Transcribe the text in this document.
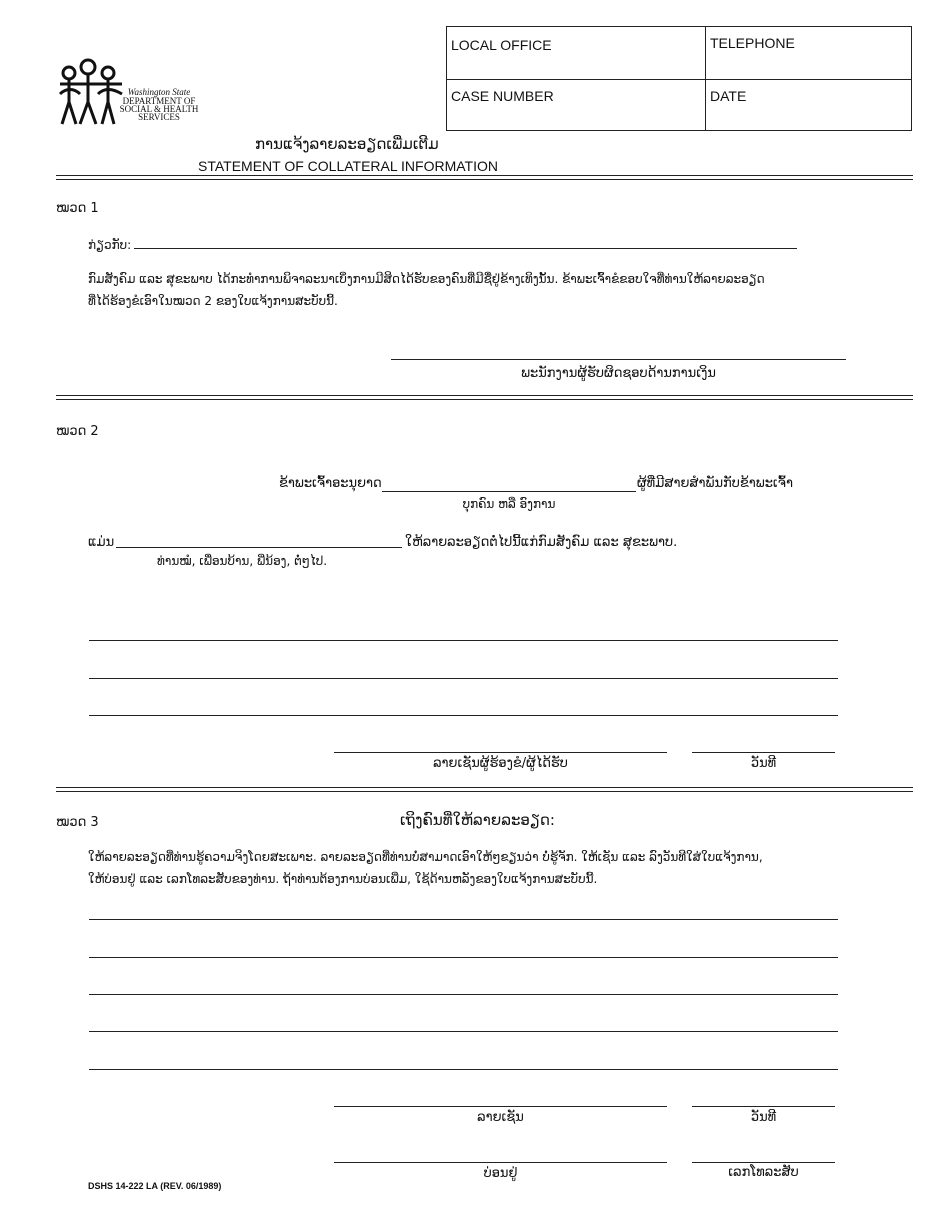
Washington State
DEPARTMENT OF
SOCIAL & HEALTH
SERVICES
LOCAL OFFICE	TELEPHONE
CASE NUMBER	DATE
ການແຈ້ງລາຍລະອຽດເພີ່ມເຕີມ
STATEMENT OF COLLATERAL INFORMATION
ໝວດ 1
ກ່ຽວກັບ:
ກົມສັງຄົມ ແລະ ສຸຂະພາບ ໄດ້ກະທຳການພິຈາລະນາເບິ່ງການມີສິດໄດ້ຮັບຂອງຄົນທີ່ມີຊື່ຢູ່ຂ້າງເທິງນັ້ນ. ຂ້າພະເຈົ້າຂໍຂອບໃຈທີ່ທ່ານໃຫ້ລາຍລະອຽດ
ທີ່ໄດ້ຮ້ອງຂໍເອົາໃນໝວດ 2 ຂອງໃບແຈ້ງການສະບັບນີ້.
ພະນັກງານຜູ້ຮັບຜິດຊອບດ້ານການເງິນ
ໝວດ 2
ຂ້າພະເຈົ້າອະນຸຍາດ	ຜູ້ທີ່ມີສາຍສຳພັນກັບຂ້າພະເຈົ້າ
ບຸກຄົນ ຫລື ອົງການ
ແມ່ນ	ໃຫ້ລາຍລະອຽດຕໍ່ໄປນີ້ແກ່ກົມສັງຄົມ ແລະ ສຸຂະພາບ.
ທ່ານໝໍ, ເພື່ອນບ້ານ, ພີ່ນ້ອງ, ຕໍ່ໆໄປ.
ລາຍເຊັນຜູ້ຮ້ອງຂໍ/ຜູ້ໄດ້ຮັບ	ວັນທີ
ໝວດ 3	ເຖິງຄົນທີ່ໃຫ້ລາຍລະອຽດ:
ໃຫ້ລາຍລະອຽດທີ່ທ່ານຮູ້ຄວາມຈິງໂດຍສະເພາະ. ລາຍລະອຽດທີ່ທ່ານບໍ່ສາມາດເອົາໃຫ້ໆຂຽນວ່າ ບໍ່ຮູ້ຈັກ. ໃຫ້ເຊັນ ແລະ ລົງວັນທີໃສ່ໃບແຈ້ງການ,
ໃຫ້ບ່ອນຢູ່ ແລະ ເລກໂທລະສັບຂອງທ່ານ. ຖ້າທ່ານຕ້ອງການບ່ອນເພີ່ມ, ໃຊ້ດ້ານຫລັງຂອງໃບແຈ້ງການສະບັບນີ້.
ລາຍເຊັນ	ວັນທີ
ບ່ອນຢູ່	ເລກໂທລະສັບ
DSHS 14-222 LA (REV. 06/1989)
